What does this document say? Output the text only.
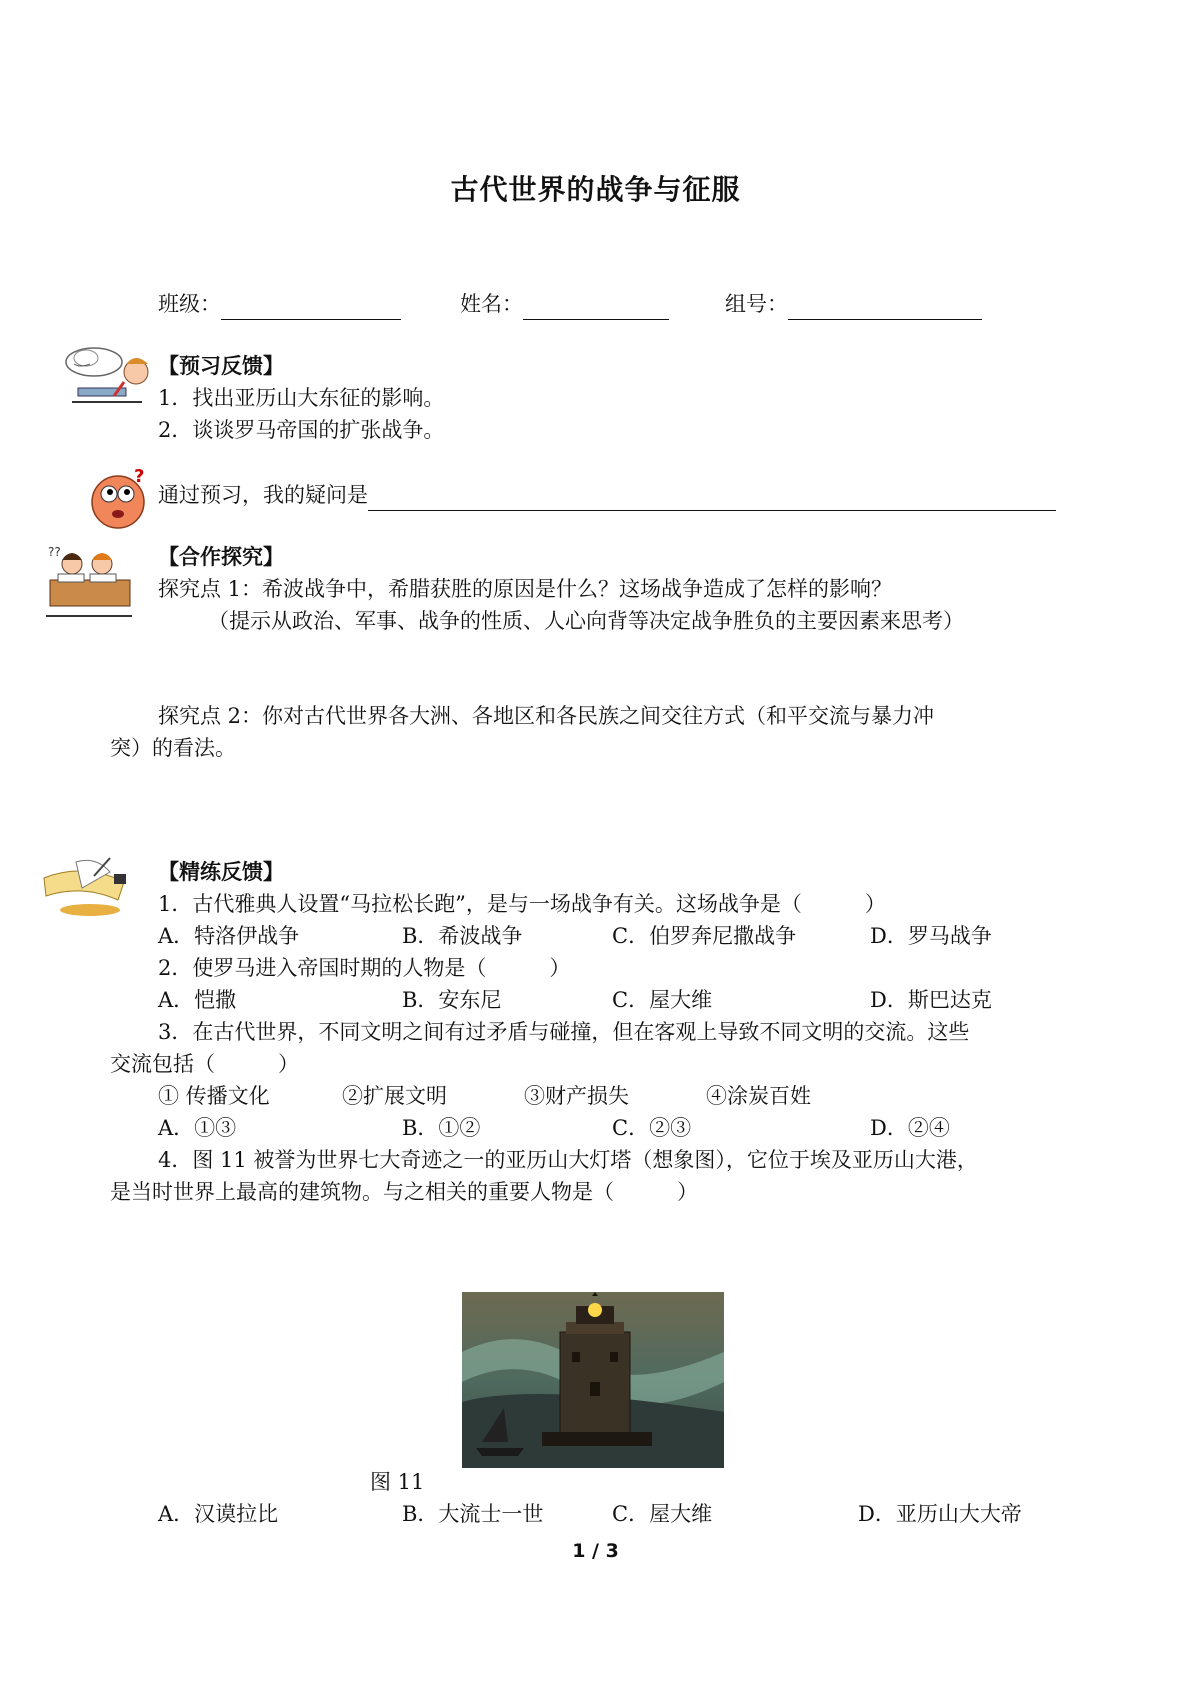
古代世界的战争与征服
班级：	姓名：	组号：
【预习反馈】
1．找出亚历山大东征的影响。
2．谈谈罗马帝国的扩张战争。
?
通过预习，我的疑问是
??	【合作探究】
探究点 1：希波战争中，希腊获胜的原因是什么？这场战争造成了怎样的影响？
（提示从政治、军事、战争的性质、人心向背等决定战争胜负的主要因素来思考）
探究点 2：你对古代世界各大洲、各地区和各民族之间交往方式（和平交流与暴力冲
突）的看法。
【精练反馈】
1．古代雅典人设置“马拉松长跑”，是与一场战争有关。这场战争是（　　　）
A．特洛伊战争	B．希波战争	C．伯罗奔尼撒战争	D．罗马战争
2．使罗马进入帝国时期的人物是（　　　）
A．恺撒	B．安东尼	C．屋大维	D．斯巴达克
3．在古代世界，不同文明之间有过矛盾与碰撞，但在客观上导致不同文明的交流。这些
交流包括（　　　）
① 传播文化	②扩展文明	③财产损失	④涂炭百姓
A．①③	B．①②	C．②③	D．②④
4．图 11 被誉为世界七大奇迹之一的亚历山大灯塔（想象图），它位于埃及亚历山大港，
是当时世界上最高的建筑物。与之相关的重要人物是（　　　）
图 11
A．汉谟拉比	B．大流士一世	C．屋大维	D．亚历山大大帝
1 / 3
